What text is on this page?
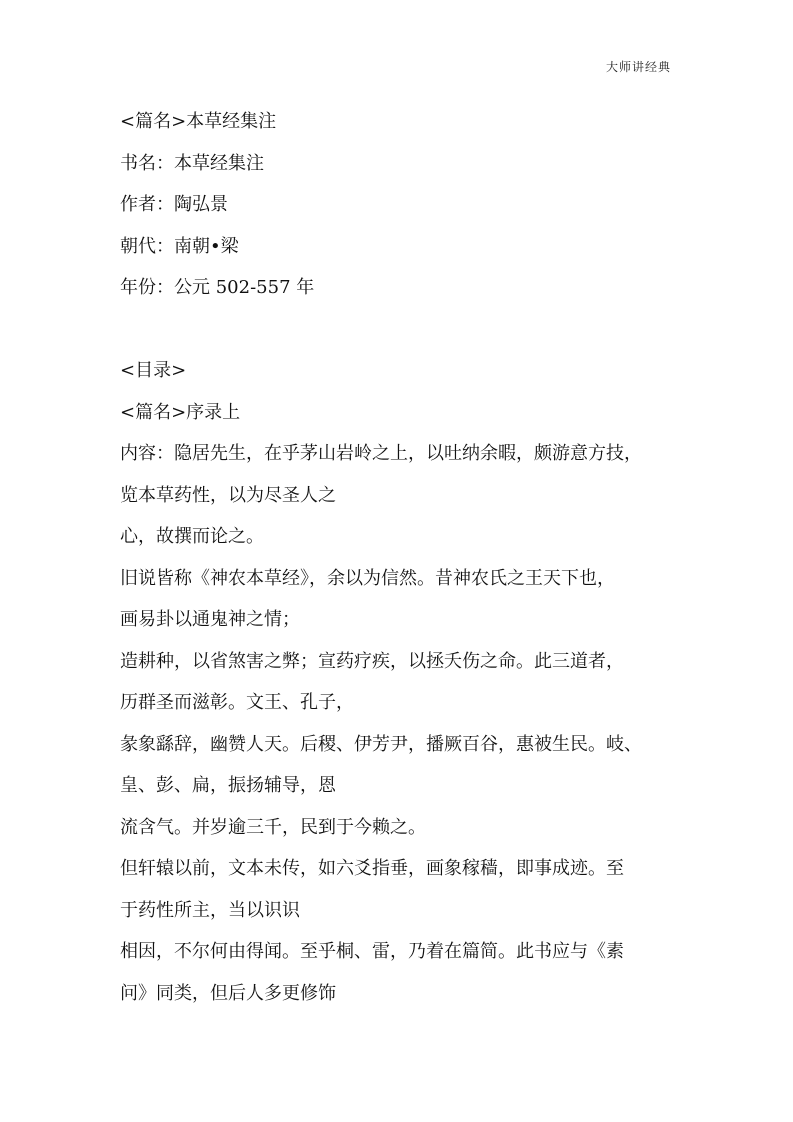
大师讲经典
<篇名>本草经集注
书名：本草经集注
作者：陶弘景
朝代：南朝•梁
年份：公元 502-557 年
<目录>
<篇名>序录上
内容：隐居先生，在乎茅山岩岭之上，以吐纳余暇，颇游意方技，
览本草药性，以为尽圣人之
心，故撰而论之。
旧说皆称《神农本草经》，余以为信然。昔神农氏之王天下也，
画易卦以通鬼神之情；
造耕种，以省煞害之弊；宣药疗疾，以拯夭伤之命。此三道者，
历群圣而滋彰。文王、孔子，
彖象繇辞，幽赞人天。后稷、伊芳尹，播厥百谷，惠被生民。岐、
皇、彭、扁，振扬辅导，恩
流含气。并岁逾三千，民到于今赖之。
但轩辕以前，文本未传，如六爻指垂，画象稼穑，即事成迹。至
于药性所主，当以识识
相因，不尔何由得闻。至乎桐、雷，乃着在篇简。此书应与《素
问》同类，但后人多更修饰
